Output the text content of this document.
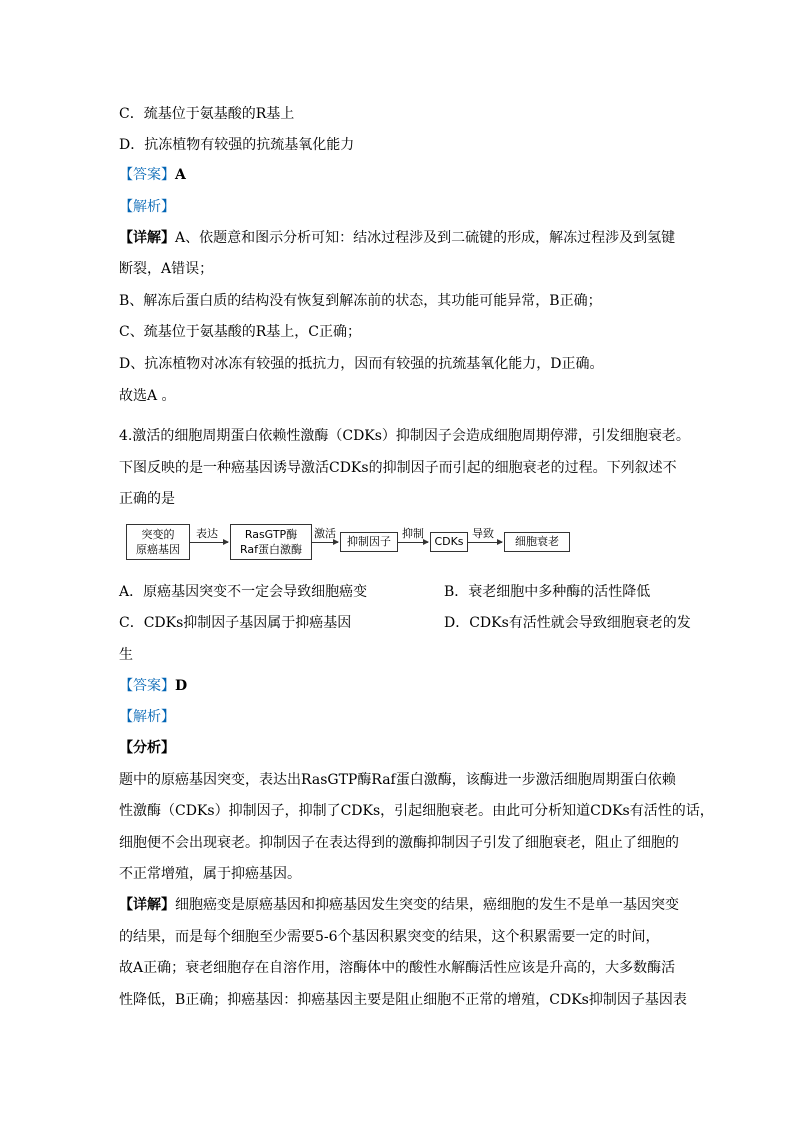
C．巯基位于氨基酸的R基上
D．抗冻植物有较强的抗巯基氧化能力
【答案】A
【解析】
【详解】A、依题意和图示分析可知：结冰过程涉及到二硫键的形成，解冻过程涉及到氢键
断裂，A错误；
B、解冻后蛋白质的结构没有恢复到解冻前的状态，其功能可能异常，B正确；
C、巯基位于氨基酸的R基上，C正确；
D、抗冻植物对冰冻有较强的抵抗力，因而有较强的抗巯基氧化能力，D正确。
故选A 。
4.激活的细胞周期蛋白依赖性激酶（CDKs）抑制因子会造成细胞周期停滞，引发细胞衰老。
下图反映的是一种癌基因诱导激活CDKs的抑制因子而引起的细胞衰老的过程。下列叙述不
正确的是
突变的
原癌基因
表达	RasGTP酶
Raf蛋白激酶
激活
抑制因子
抑制
CDKs
导致
细胞衰老
A．原癌基因突变不一定会导致细胞癌变	B．衰老细胞中多种酶的活性降低
C．CDKs抑制因子基因属于抑癌基因	D．CDKs有活性就会导致细胞衰老的发
生
【答案】D
【解析】
【分析】
题中的原癌基因突变，表达出RasGTP酶Raf蛋白激酶，该酶进一步激活细胞周期蛋白依赖
性激酶（CDKs）抑制因子，抑制了CDKs，引起细胞衰老。由此可分析知道CDKs有活性的话，
细胞便不会出现衰老。抑制因子在表达得到的激酶抑制因子引发了细胞衰老，阻止了细胞的
不正常增殖，属于抑癌基因。
【详解】细胞癌变是原癌基因和抑癌基因发生突变的结果，癌细胞的发生不是单一基因突变
的结果，而是每个细胞至少需要5-6个基因积累突变的结果，这个积累需要一定的时间，
故A正确；衰老细胞存在自溶作用，溶酶体中的酸性水解酶活性应该是升高的，大多数酶活
性降低，B正确；抑癌基因：抑癌基因主要是阻止细胞不正常的增殖，CDKs抑制因子基因表
